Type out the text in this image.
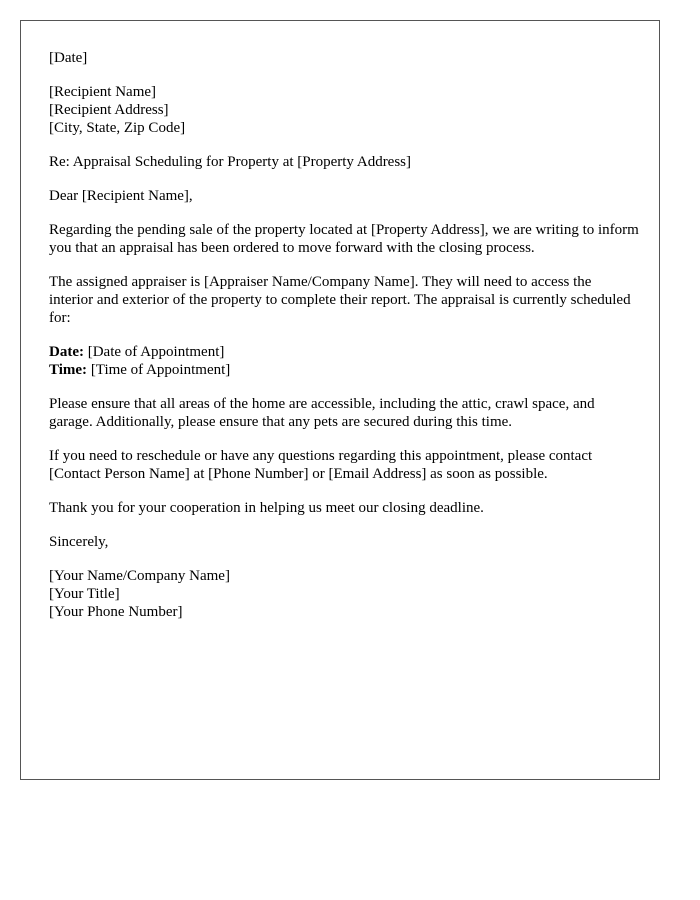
[Date]
[Recipient Name]
[Recipient Address]
[City, State, Zip Code]
Re: Appraisal Scheduling for Property at [Property Address]
Dear [Recipient Name],

Regarding the pending sale of the property located at [Property Address], we are writing to inform you that an appraisal has been ordered to move forward with the closing process.

The assigned appraiser is [Appraiser Name/Company Name]. They will need to access the interior and exterior of the property to complete their report. The appraisal is currently scheduled for:

Date: [Date of Appointment]
Time: [Time of Appointment]

Please ensure that all areas of the home are accessible, including the attic, crawl space, and garage. Additionally, please ensure that any pets are secured during this time.

If you need to reschedule or have any questions regarding this appointment, please contact [Contact Person Name] at [Phone Number] or [Email Address] as soon as possible.

Thank you for your cooperation in helping us meet our closing deadline.

Sincerely,
[Your Name/Company Name]
[Your Title]
[Your Phone Number]
